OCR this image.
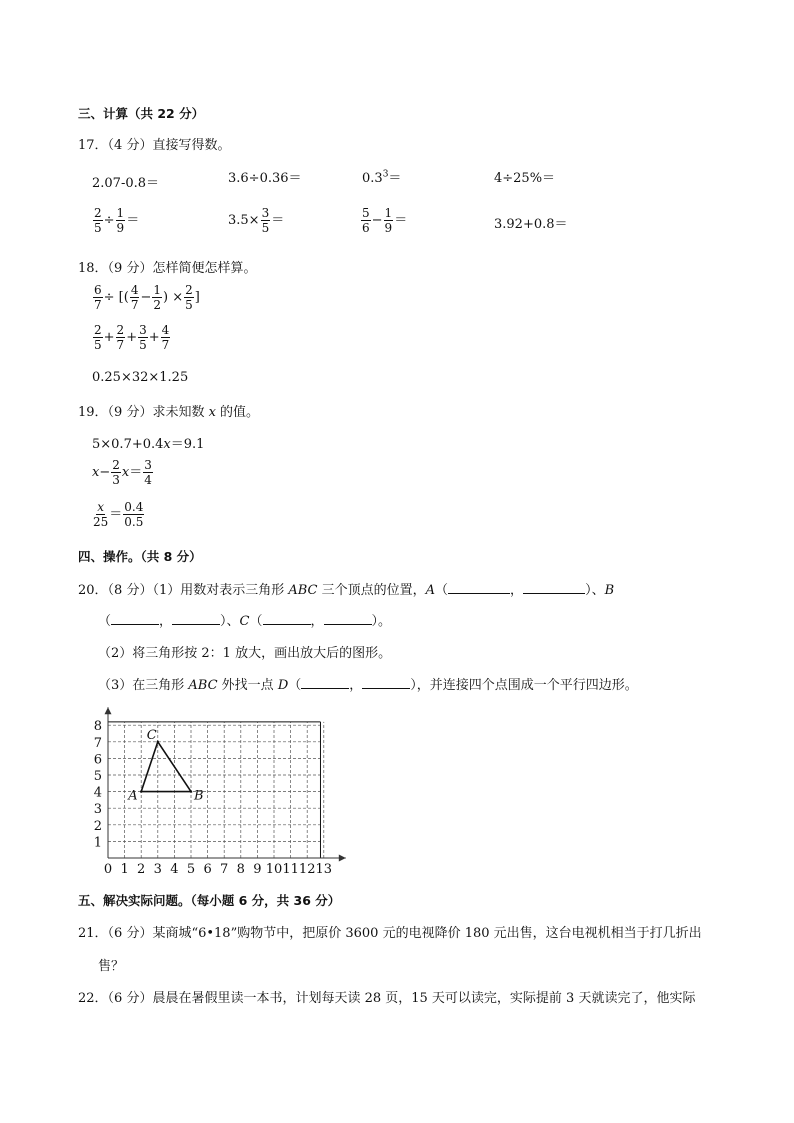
三、计算（共 22 分）
17．（4 分）直接写得数。
2.07-0.8＝	3.6÷0.36＝	$0.3^3=$	4÷25%＝
$\frac{2}{5} \div \frac{1}{9}$ ＝	$3.5\times \frac{3}{5}$ ＝	$\frac{5}{6} - \frac{1}{9}$ ＝	3.92+0.8＝
18．（9 分）怎样简便怎样算。
$\frac{6}{7}$ ÷ [( $\frac{4}{7} - \frac{1}{2}$ ) × $\frac{2}{5}$ ]
$\frac{2}{5} + \frac{2}{7} + \frac{3}{5} + \frac{4}{7}$
0.25×32×1.25
19．（9 分）求未知数 x 的值。
5×0.7+0.4x＝9.1
$x- \frac{2}{3} x= \frac{3}{4}$
$\frac{x}{25} = \frac{0.4}{0.5}$
四、操作。（共 8 分）
20．（8 分）（1）用数对表示三角形 ABC 三个顶点的位置，A（	，	）、B
（	，	）、C（	，	）。
（2）将三角形按 2：1 放大，画出放大后的图形。
（3）在三角形 ABC 外找一点 D（	，	），并连接四个点围成一个平行四边形。
0 1 2 3 4 5 6 7 8 9 10 11 12 13
1
2
3
4
5
6
7
8
A	B
C
五、解决实际问题。（每小题 6 分，共 36 分）
21．（6 分）某商城“6•18”购物节中，把原价 3600 元的电视降价 180 元出售，这台电视机相当于打几折出
售？
22．（6 分）晨晨在暑假里读一本书，计划每天读 28 页，15 天可以读完，实际提前 3 天就读完了，他实际
